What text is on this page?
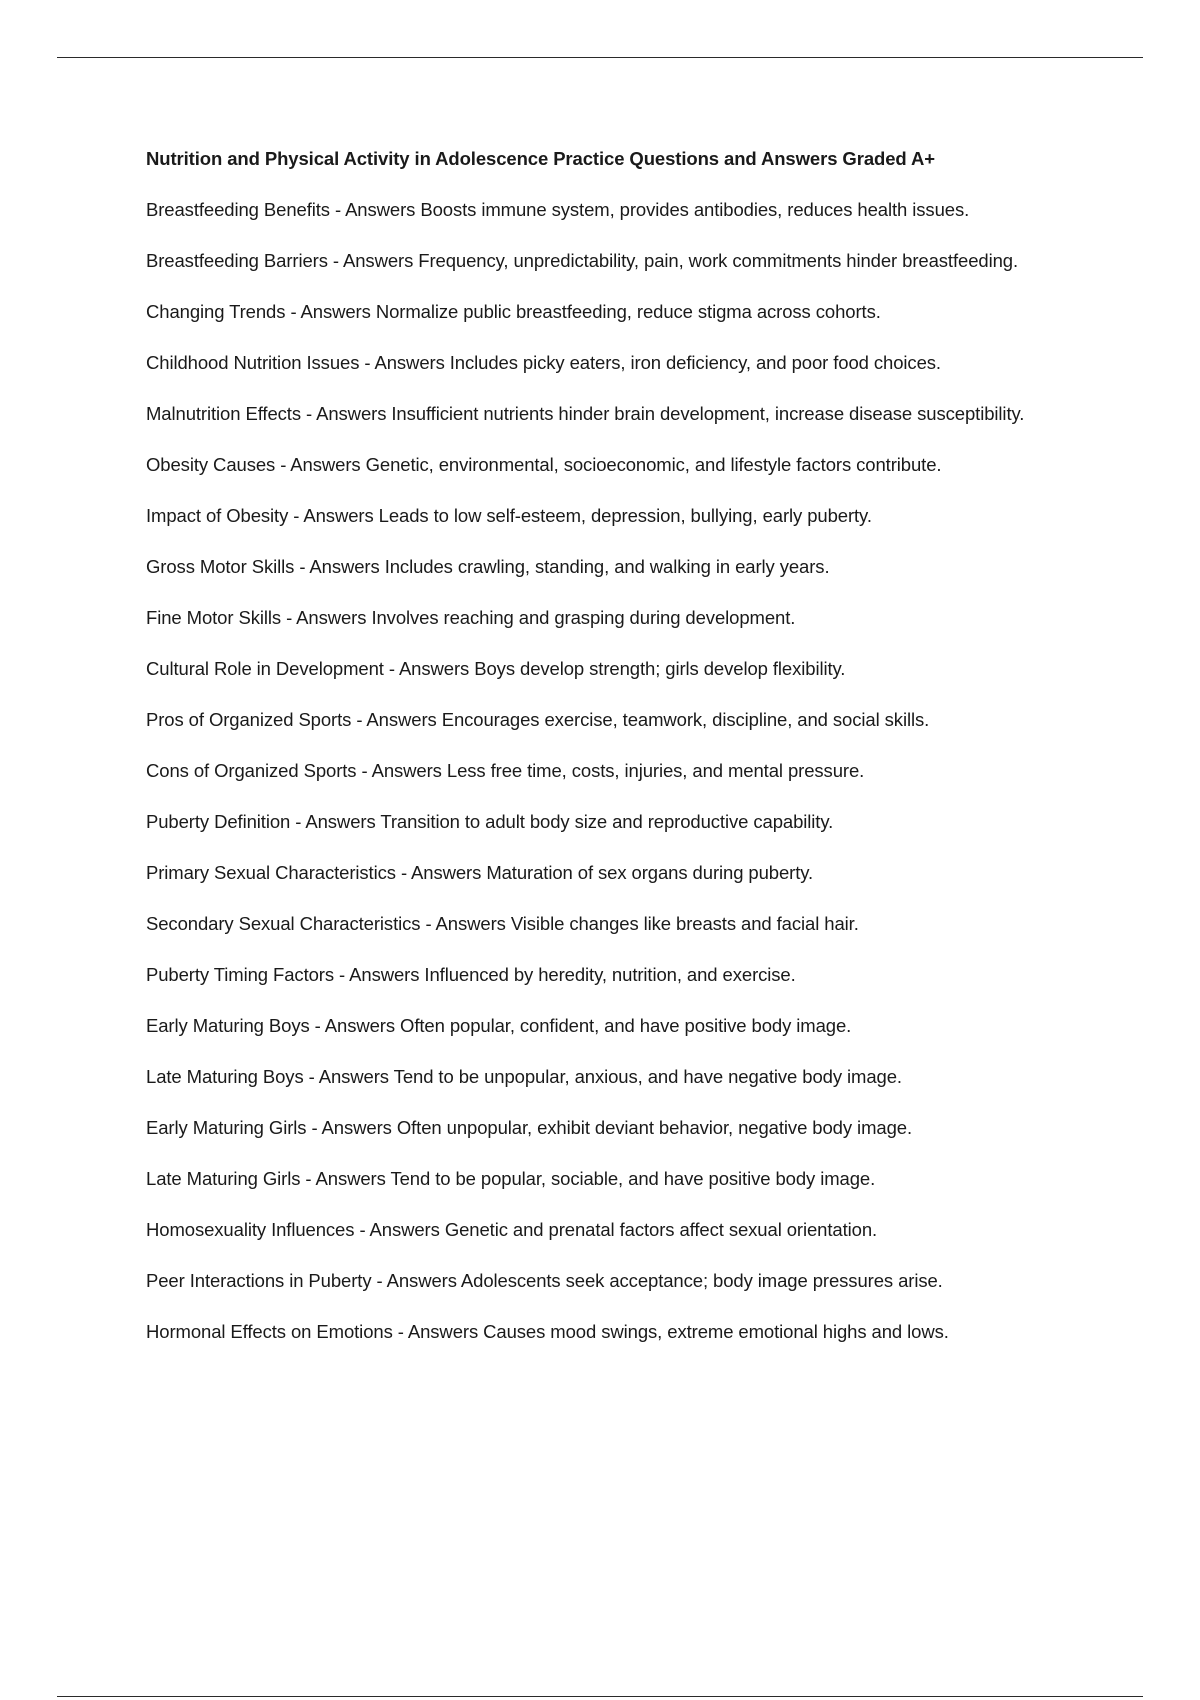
Nutrition and Physical Activity in Adolescence Practice Questions and Answers Graded A+
Breastfeeding Benefits - Answers Boosts immune system, provides antibodies, reduces health issues.
Breastfeeding Barriers - Answers Frequency, unpredictability, pain, work commitments hinder breastfeeding.
Changing Trends - Answers Normalize public breastfeeding, reduce stigma across cohorts.
Childhood Nutrition Issues - Answers Includes picky eaters, iron deficiency, and poor food choices.
Malnutrition Effects - Answers Insufficient nutrients hinder brain development, increase disease susceptibility.
Obesity Causes - Answers Genetic, environmental, socioeconomic, and lifestyle factors contribute.
Impact of Obesity - Answers Leads to low self-esteem, depression, bullying, early puberty.
Gross Motor Skills - Answers Includes crawling, standing, and walking in early years.
Fine Motor Skills - Answers Involves reaching and grasping during development.
Cultural Role in Development - Answers Boys develop strength; girls develop flexibility.
Pros of Organized Sports - Answers Encourages exercise, teamwork, discipline, and social skills.
Cons of Organized Sports - Answers Less free time, costs, injuries, and mental pressure.
Puberty Definition - Answers Transition to adult body size and reproductive capability.
Primary Sexual Characteristics - Answers Maturation of sex organs during puberty.
Secondary Sexual Characteristics - Answers Visible changes like breasts and facial hair.
Puberty Timing Factors - Answers Influenced by heredity, nutrition, and exercise.
Early Maturing Boys - Answers Often popular, confident, and have positive body image.
Late Maturing Boys - Answers Tend to be unpopular, anxious, and have negative body image.
Early Maturing Girls - Answers Often unpopular, exhibit deviant behavior, negative body image.
Late Maturing Girls - Answers Tend to be popular, sociable, and have positive body image.
Homosexuality Influences - Answers Genetic and prenatal factors affect sexual orientation.
Peer Interactions in Puberty - Answers Adolescents seek acceptance; body image pressures arise.
Hormonal Effects on Emotions - Answers Causes mood swings, extreme emotional highs and lows.
